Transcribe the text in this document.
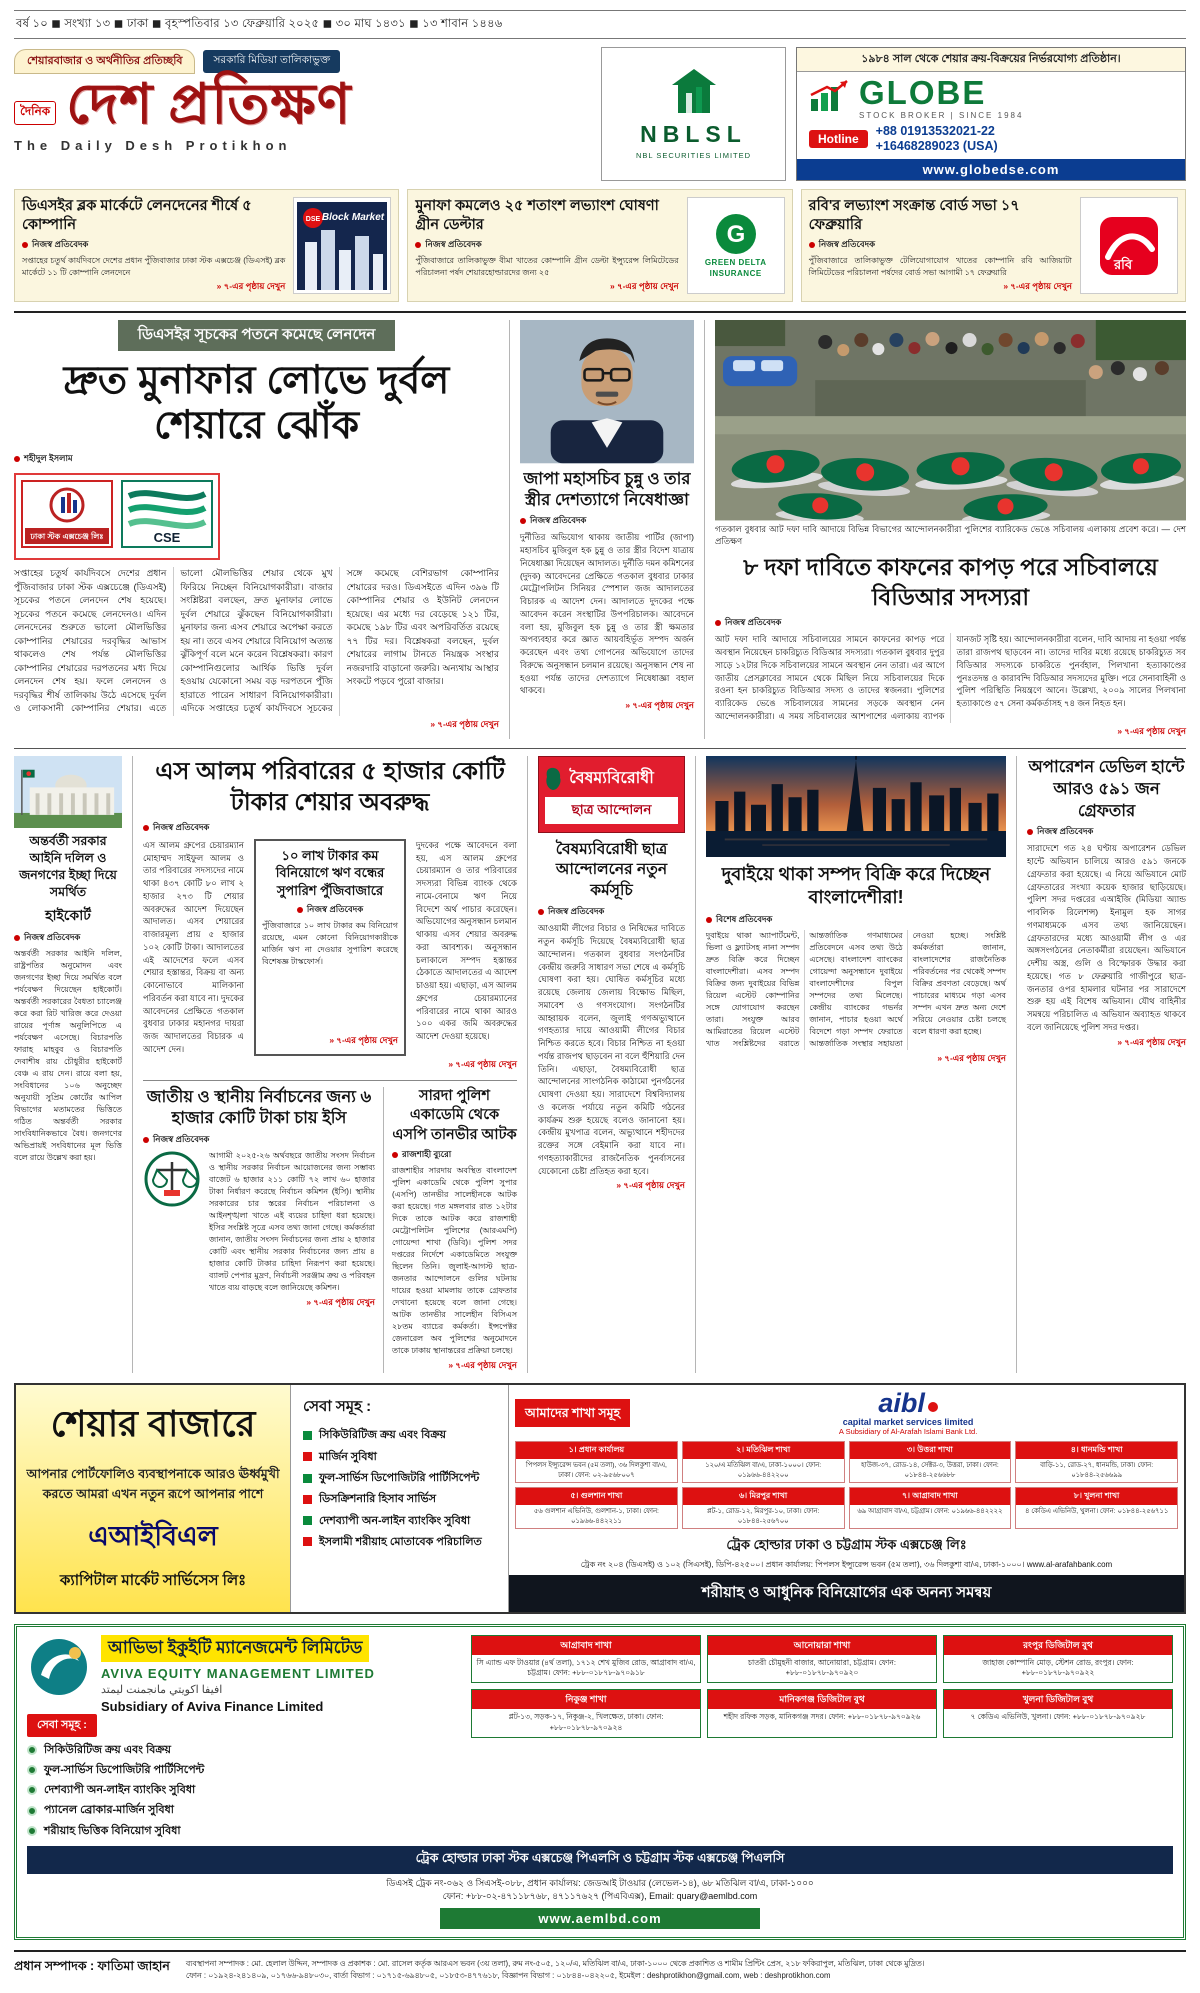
বর্ষ ১০ ◼ সংখ্যা ১৩ ◼ ঢাকা ◼ বৃহস্পতিবার ১৩ ফেব্রুয়ারি ২০২৫ ◼ ৩০ মাঘ ১৪৩১ ◼ ১৩ শাবান ১৪৪৬
শেয়ারবাজার ও অর্থনীতির প্রতিচ্ছবি	সরকারি মিডিয়া তালিকাভুক্ত
দৈনিক দেশ প্রতিক্ষণ
The Daily Desh Protikhon	NBLSL
NBL SECURITIES LIMITED
১৯৮৪ সাল থেকে শেয়ার ক্রয়-বিক্রয়ের নির্ভরযোগ্য প্রতিষ্ঠান।
GLOBE
STOCK BROKER | SINCE 1984
Hotline
+88 01913532021-22
+16468289023 (USA)
www.globedse.com
ডিএসইর ব্লক মার্কেটে লেনদেনের শীর্ষে ৫ কোম্পানি
নিজস্ব প্রতিবেদক
সপ্তাহের চতুর্থ কার্যদিবসে দেশের প্রধান পুঁজিবাজার ঢাকা স্টক এক্সচেঞ্জ (ডিএসই) ব্লক মার্কেটে ১১ টি কোম্পানি লেনদেনে
» ৭-এর পৃষ্ঠায় দেখুন
DSE Block Market
মুনাফা কমলেও ২৫ শতাংশ লভ্যাংশ ঘোষণা গ্রীন ডেল্টার
নিজস্ব প্রতিবেদক
পুঁজিবাজারে তালিকাভুক্ত বীমা খাতের কোম্পানি গ্রীন ডেল্টা ইন্স্যুরেন্স লিমিটেডের পরিচালনা পর্ষদ শেয়ারহোল্ডারদের জন্য ২৫
» ৭-এর পৃষ্ঠায় দেখুন
G
GREEN DELTA INSURANCE
রবি'র লভ্যাংশ সংক্রান্ত বোর্ড সভা ১৭ ফেব্রুয়ারি
নিজস্ব প্রতিবেদক
পুঁজিবাজারে তালিকাভুক্ত টেলিযোগাযোগ খাতের কোম্পানি রবি আজিয়াটা লিমিটেডের পরিচালনা পর্ষদের বোর্ড সভা আগামী ১৭ ফেব্রুয়ারি
» ৭-এর পৃষ্ঠায় দেখুন
রবি
ডিএসইর সূচকের পতনে কমেছে লেনদেন
দ্রুত মুনাফার লোভে দুর্বল শেয়ারে ঝোঁক
শহীদুল ইসলাম
ঢাকা স্টক এক্সচেঞ্জ লিঃ	CSE
সপ্তাহের চতুর্থ কার্যদিবসে দেশের প্রধান পুঁজিবাজার ঢাকা স্টক এক্সচেঞ্জে (ডিএসই) সূচকের পতনে লেনদেন শেষ হয়েছে। সূচকের পতনে কমেছে লেনদেনও। এদিন লেনদেনের শুরুতে ভালো মৌলভিত্তির কোম্পানির শেয়ারের দরবৃদ্ধির আভাস থাকলেও শেষ পর্যন্ত মৌলভিত্তির কোম্পানির শেয়ারের দরপতনের মধ্য দিয়ে লেনদেন শেষ হয়। ফলে লেনদেন ও দরবৃদ্ধির শীর্ষ তালিকায় উঠে এসেছে দুর্বল ও লোকসানী কোম্পানির শেয়ার। এতে ভালো মৌলভিত্তির শেয়ার থেকে মুখ ফিরিয়ে নিচ্ছেন বিনিয়োগকারীরা। বাজার সংশ্লিষ্টরা বলছেন, দ্রুত মুনাফার লোভে দুর্বল শেয়ারে ঝুঁকছেন বিনিয়োগকারীরা। মুনাফার জন্য এসব শেয়ারে অপেক্ষা করতে হয় না। তবে এসব শেয়ারে বিনিয়োগ অত্যন্ত ঝুঁকিপূর্ণ বলে মনে করেন বিশ্লেষকরা। কারণ কোম্পানিগুলোর আর্থিক ভিত্তি দুর্বল হওয়ায় যেকোনো সময় বড় দরপতনে পুঁজি হারাতে পারেন সাধারণ বিনিয়োগকারীরা। এদিকে সপ্তাহের চতুর্থ কার্যদিবসে সূচকের সঙ্গে কমেছে বেশিরভাগ কোম্পানির শেয়ারের দরও। ডিএসইতে এদিন ৩৯৬ টি কোম্পানির শেয়ার ও ইউনিট লেনদেন হয়েছে। এর মধ্যে দর বেড়েছে ১২১ টির, কমেছে ১৯৮ টির এবং অপরিবর্তিত রয়েছে ৭৭ টির দর। বিশ্লেষকরা বলছেন, দুর্বল শেয়ারের লাগাম টানতে নিয়ন্ত্রক সংস্থার নজরদারি বাড়ানো জরুরি। অন্যথায় আস্থার সংকটে পড়বে পুরো বাজার।
» ৭-এর পৃষ্ঠায় দেখুন
জাপা মহাসচিব চুন্নু ও তার স্ত্রীর দেশত্যাগে নিষেধাজ্ঞা
নিজস্ব প্রতিবেদক
দুর্নীতির অভিযোগ থাকায় জাতীয় পার্টির (জাপা) মহাসচিব মুজিবুল হক চুন্নু ও তার স্ত্রীর বিদেশ যাত্রায় নিষেধাজ্ঞা দিয়েছেন আদালত। দুর্নীতি দমন কমিশনের (দুদক) আবেদনের প্রেক্ষিতে গতকাল বুধবার ঢাকার মেট্রোপলিটন সিনিয়র স্পেশাল জজ আদালতের বিচারক এ আদেশ দেন। আদালতে দুদকের পক্ষে আবেদন করেন সংস্থাটির উপপরিচালক। আবেদনে বলা হয়, মুজিবুল হক চুন্নু ও তার স্ত্রী ক্ষমতার অপব্যবহার করে জ্ঞাত আয়বহির্ভূত সম্পদ অর্জন করেছেন এবং তথ্য গোপনের অভিযোগে তাদের বিরুদ্ধে অনুসন্ধান চলমান রয়েছে। অনুসন্ধান শেষ না হওয়া পর্যন্ত তাদের দেশত্যাগে নিষেধাজ্ঞা বহাল থাকবে।
» ৭-এর পৃষ্ঠায় দেখুন
গতকাল বুধবার আট দফা দাবি আদায়ে বিভিন্ন বিভাগের আন্দোলনকারীরা পুলিশের ব্যারিকেড ভেঙে সচিবালয় এলাকায় প্রবেশ করে। — দেশ প্রতিক্ষণ
৮ দফা দাবিতে কাফনের কাপড় পরে সচিবালয়ে বিডিআর সদস্যরা
নিজস্ব প্রতিবেদক
আট দফা দাবি আদায়ে সচিবালয়ের সামনে কাফনের কাপড় পরে অবস্থান নিয়েছেন চাকরিচ্যুত বিডিআর সদস্যরা। গতকাল বুধবার দুপুর সাড়ে ১২টার দিকে সচিবালয়ের সামনে অবস্থান নেন তারা। এর আগে জাতীয় প্রেসক্লাবের সামনে থেকে মিছিল নিয়ে সচিবালয়ের দিকে রওনা হন চাকরিচ্যুত বিডিআর সদস্য ও তাদের স্বজনরা। পুলিশের ব্যারিকেড ভেঙে সচিবালয়ের সামনের সড়কে অবস্থান নেন আন্দোলনকারীরা। এ সময় সচিবালয়ের আশপাশের এলাকায় ব্যাপক যানজট সৃষ্টি হয়। আন্দোলনকারীরা বলেন, দাবি আদায় না হওয়া পর্যন্ত তারা রাজপথ ছাড়বেন না। তাদের দাবির মধ্যে রয়েছে চাকরিচ্যুত সব বিডিআর সদস্যকে চাকরিতে পুনর্বহাল, পিলখানা হত্যাকাণ্ডের পুনঃতদন্ত ও কারাবন্দি বিডিআর সদস্যদের মুক্তি। পরে সেনাবাহিনী ও পুলিশ পরিস্থিতি নিয়ন্ত্রণে আনে। উল্লেখ্য, ২০০৯ সালের পিলখানা হত্যাকাণ্ডে ৫৭ সেনা কর্মকর্তাসহ ৭৪ জন নিহত হন।
» ৭-এর পৃষ্ঠায় দেখুন
অন্তর্বর্তী সরকার আইনি দলিল ও জনগণের ইচ্ছা দিয়ে সমর্থিত
হাইকোর্ট
নিজস্ব প্রতিবেদক
অন্তর্বর্তী সরকার আইনি দলিল, রাষ্ট্রপতির অনুমোদন এবং জনগণের ইচ্ছা দিয়ে সমর্থিত বলে পর্যবেক্ষণ দিয়েছেন হাইকোর্ট। অন্তর্বর্তী সরকারের বৈধতা চ্যালেঞ্জ করে করা রিট খারিজ করে দেওয়া রায়ের পূর্ণাঙ্গ অনুলিপিতে এ পর্যবেক্ষণ এসেছে। বিচারপতি ফারাহ মাহবুব ও বিচারপতি দেবাশীষ রায় চৌধুরীর হাইকোর্ট বেঞ্চ এ রায় দেন। রায়ে বলা হয়, সংবিধানের ১০৬ অনুচ্ছেদ অনুযায়ী সুপ্রিম কোর্টের আপিল বিভাগের মতামতের ভিত্তিতে গঠিত অন্তর্বর্তী সরকার সাংবিধানিকভাবে বৈধ। জনগণের অভিপ্রায়ই সংবিধানের মূল ভিত্তি বলে রায়ে উল্লেখ করা হয়।
এস আলম পরিবারের ৫ হাজার কোটি টাকার শেয়ার অবরুদ্ধ
নিজস্ব প্রতিবেদক
এস আলম গ্রুপের চেয়ারম্যান মোহাম্মদ সাইফুল আলম ও তার পরিবারের সদস্যদের নামে থাকা ৪৩৭ কোটি ৮০ লাখ ২ হাজার ২৭৩ টি শেয়ার অবরুদ্ধের আদেশ দিয়েছেন আদালত। এসব শেয়ারের বাজারমূল্য প্রায় ৫ হাজার ১০২ কোটি টাকা। আদালতের এই আদেশের ফলে এসব শেয়ার হস্তান্তর, বিক্রয় বা অন্য কোনোভাবে মালিকানা পরিবর্তন করা যাবে না। দুদকের আবেদনের প্রেক্ষিতে গতকাল বুধবার ঢাকার মহানগর দায়রা জজ আদালতের বিচারক এ আদেশ দেন।
১০ লাখ টাকার কম বিনিয়োগে ঋণ বন্ধের সুপারিশ পুঁজিবাজারে
নিজস্ব প্রতিবেদক
পুঁজিবাজারে ১০ লাখ টাকার কম বিনিয়োগ রয়েছে, এমন কোনো বিনিয়োগকারীকে মার্জিন ঋণ না দেওয়ার সুপারিশ করেছে বিশেষজ্ঞ টাস্কফোর্স।
» ৭-এর পৃষ্ঠায় দেখুন
দুদকের পক্ষে আবেদনে বলা হয়, এস আলম গ্রুপের চেয়ারম্যান ও তার পরিবারের সদস্যরা বিভিন্ন ব্যাংক থেকে নামে-বেনামে ঋণ নিয়ে বিদেশে অর্থ পাচার করেছেন। অভিযোগের অনুসন্ধান চলমান থাকায় এসব শেয়ার অবরুদ্ধ করা আবশ্যক। অনুসন্ধান চলাকালে সম্পদ হস্তান্তর ঠেকাতে আদালতের এ আদেশ চাওয়া হয়। এছাড়া, এস আলম গ্রুপের চেয়ারম্যানের পরিবারের নামে থাকা আরও ১০০ একর জমি অবরুদ্ধের আদেশ দেওয়া হয়েছে।
» ৭-এর পৃষ্ঠায় দেখুন
জাতীয় ও স্থানীয় নির্বাচনের জন্য ৬ হাজার কোটি টাকা চায় ইসি
নিজস্ব প্রতিবেদক
আগামী ২০২৫-২৬ অর্থবছরে জাতীয় সংসদ নির্বাচন ও স্থানীয় সরকার নির্বাচন আয়োজনের জন্য সম্ভাব্য বাজেট ৬ হাজার ২১১ কোটি ৭২ লাখ ৬০ হাজার টাকা নির্ধারণ করেছে নির্বাচন কমিশন (ইসি)। স্থানীয় সরকারের চার স্তরের নির্বাচন পরিচালনা ও আইনশৃঙ্খলা খাতে এই ব্যয়ের চাহিদা ধরা হয়েছে। ইসির সংশ্লিষ্ট সূত্রে এসব তথ্য জানা গেছে। কর্মকর্তারা জানান, জাতীয় সংসদ নির্বাচনের জন্য প্রায় ২ হাজার কোটি এবং স্থানীয় সরকার নির্বাচনের জন্য প্রায় ৪ হাজার কোটি টাকার চাহিদা নিরূপণ করা হয়েছে। ব্যালট পেপার মুদ্রণ, নির্বাচনী সরঞ্জাম ক্রয় ও পরিবহন খাতে ব্যয় বাড়ছে বলে জানিয়েছে কমিশন।
» ৭-এর পৃষ্ঠায় দেখুন
সারদা পুলিশ একাডেমি থেকে এসপি তানভীর আটক
রাজশাহী ব্যুরো
রাজশাহীর সারদায় অবস্থিত বাংলাদেশ পুলিশ একাডেমি থেকে পুলিশ সুপার (এসপি) তানভীর সালেহীনকে আটক করা হয়েছে। গত মঙ্গলবার রাত ১২টার দিকে তাকে আটক করে রাজশাহী মেট্রোপলিটন পুলিশের (আরএমপি) গোয়েন্দা শাখা (ডিবি)। পুলিশ সদর দপ্তরের নির্দেশে একাডেমিতে সংযুক্ত ছিলেন তিনি। জুলাই-আগস্ট ছাত্র-জনতার আন্দোলনে গুলির ঘটনায় দায়ের হওয়া মামলায় তাকে গ্রেফতার দেখানো হয়েছে বলে জানা গেছে। আটক তানভীর সালেহীন বিসিএস ২৮তম ব্যাচের কর্মকর্তা। ইন্সপেক্টর জেনারেল অব পুলিশের অনুমোদনে তাকে ঢাকায় স্থানান্তরের প্রক্রিয়া চলছে।
» ৭-এর পৃষ্ঠায় দেখুন
বৈষম্যবিরোধী
ছাত্র আন্দোলন
বৈষম্যবিরোধী ছাত্র আন্দোলনের নতুন কর্মসূচি
নিজস্ব প্রতিবেদক
আওয়ামী লীগের বিচার ও নিষিদ্ধের দাবিতে নতুন কর্মসূচি দিয়েছে বৈষম্যবিরোধী ছাত্র আন্দোলন। গতকাল বুধবার সংগঠনটির কেন্দ্রীয় জরুরি সাধারণ সভা শেষে এ কর্মসূচি ঘোষণা করা হয়। ঘোষিত কর্মসূচির মধ্যে রয়েছে জেলায় জেলায় বিক্ষোভ মিছিল, সমাবেশ ও গণসংযোগ। সংগঠনটির আহ্বায়ক বলেন, জুলাই গণঅভ্যুত্থানে গণহত্যার দায়ে আওয়ামী লীগের বিচার নিশ্চিত করতে হবে। বিচার নিশ্চিত না হওয়া পর্যন্ত রাজপথ ছাড়বেন না বলে হুঁশিয়ারি দেন তিনি। এছাড়া, বৈষম্যবিরোধী ছাত্র আন্দোলনের সাংগঠনিক কাঠামো পুনর্গঠনের ঘোষণা দেওয়া হয়। সারাদেশে বিশ্ববিদ্যালয় ও কলেজ পর্যায়ে নতুন কমিটি গঠনের কার্যক্রম শুরু হয়েছে বলেও জানানো হয়। কেন্দ্রীয় মুখপাত্র বলেন, অভ্যুত্থানে শহীদদের রক্তের সঙ্গে বেইমানি করা যাবে না। গণহত্যাকারীদের রাজনৈতিক পুনর্বাসনের যেকোনো চেষ্টা প্রতিহত করা হবে।
» ৭-এর পৃষ্ঠায় দেখুন
দুবাইয়ে থাকা সম্পদ বিক্রি করে দিচ্ছেন বাংলাদেশীরা!
বিশেষ প্রতিবেদক
দুবাইয়ে থাকা অ্যাপার্টমেন্ট, ভিলা ও ফ্ল্যাটসহ নানা সম্পদ দ্রুত বিক্রি করে দিচ্ছেন বাংলাদেশীরা। এসব সম্পদ বিক্রির জন্য দুবাইয়ের বিভিন্ন রিয়েল এস্টেট কোম্পানির সঙ্গে যোগাযোগ করছেন তারা। সংযুক্ত আরব আমিরাতের রিয়েল এস্টেট খাত সংশ্লিষ্টদের বরাতে আন্তর্জাতিক গণমাধ্যমের প্রতিবেদনে এসব তথ্য উঠে এসেছে। বাংলাদেশ ব্যাংকের গোয়েন্দা অনুসন্ধানে দুবাইয়ে বাংলাদেশীদের বিপুল সম্পদের তথ্য মিলেছে। কেন্দ্রীয় ব্যাংকের গভর্নর জানান, পাচার হওয়া অর্থে বিদেশে গড়া সম্পদ ফেরাতে আন্তর্জাতিক সংস্থার সহায়তা নেওয়া হচ্ছে। সংশ্লিষ্ট কর্মকর্তারা জানান, বাংলাদেশের রাজনৈতিক পরিবর্তনের পর থেকেই সম্পদ বিক্রির প্রবণতা বেড়েছে। অর্থ পাচারের মাধ্যমে গড়া এসব সম্পদ এখন দ্রুত অন্য দেশে সরিয়ে নেওয়ার চেষ্টা চলছে বলে ধারণা করা হচ্ছে।
» ৭-এর পৃষ্ঠায় দেখুন
অপারেশন ডেভিল হান্টে আরও ৫৯১ জন গ্রেফতার
নিজস্ব প্রতিবেদক
সারাদেশে গত ২৪ ঘণ্টায় অপারেশন ডেভিল হান্টে অভিযান চালিয়ে আরও ৫৯১ জনকে গ্রেফতার করা হয়েছে। এ নিয়ে অভিযানে মোট গ্রেফতারের সংখ্যা কয়েক হাজার ছাড়িয়েছে। পুলিশ সদর দপ্তরের এআইজি (মিডিয়া অ্যান্ড পাবলিক রিলেশন্স) ইনামুল হক সাগর গণমাধ্যমকে এসব তথ্য জানিয়েছেন। গ্রেফতারদের মধ্যে আওয়ামী লীগ ও এর অঙ্গসংগঠনের নেতাকর্মীরা রয়েছেন। অভিযানে দেশীয় অস্ত্র, গুলি ও বিস্ফোরক উদ্ধার করা হয়েছে। গত ৮ ফেব্রুয়ারি গাজীপুরে ছাত্র-জনতার ওপর হামলার ঘটনার পর সারাদেশে শুরু হয় এই বিশেষ অভিযান। যৌথ বাহিনীর সমন্বয়ে পরিচালিত এ অভিযান অব্যাহত থাকবে বলে জানিয়েছে পুলিশ সদর দপ্তর।
» ৭-এর পৃষ্ঠায় দেখুন
শেয়ার বাজারে
আপনার পোর্টফোলিও ব্যবস্থাপনাকে আরও ঊর্ধ্বমুখী করতে আমরা এখন নতুন রূপে আপনার পাশে
এআইবিএল
ক্যাপিটাল মার্কেট সার্ভিসেস লিঃ
সেবা সমূহ :
সিকিউরিটিজ ক্রয় এবং বিক্রয়
মার্জিন সুবিধা
ফুল-সার্ভিস ডিপোজিটরি পার্টিসিপেন্ট
ডিসক্রিশনারি হিসাব সার্ভিস
দেশব্যাপী অন-লাইন ব্যাংকিং সুবিধা
ইসলামী শরীয়াহ মোতাবেক পরিচালিত
আমাদের শাখা সমূহ	aibl
capital market services limited
A Subsidiary of Al-Arafah Islami Bank Ltd.
১। প্রধান কার্যালয়
পিপলস ইন্স্যুরেন্স ভবন (৫ম তলা), ৩৬ দিলকুশা বা/এ, ঢাকা। ফোন: ০২-৯৫৬৮০০৭
২। মতিঝিল শাখা
১২০/এ মতিঝিল বা/এ, ঢাকা-১০০০। ফোন: ০১৯৬৬-৪৪২২০০
৩। উত্তরা শাখা
হাউজ-৩৭, রোড-১৪, সেক্টর-৩, উত্তরা, ঢাকা। ফোন: ০১৮৪৪-২৫৬৬৮৮
৪। ধানমন্ডি শাখা
বাড়ি-১১, রোড-২৭, ধানমন্ডি, ঢাকা। ফোন: ০১৮৪৪-২৫৬৬৯৯
৫। গুলশান শাখা
৫৬ গুলশান এভিনিউ, গুলশান-১, ঢাকা। ফোন: ০১৯৬৬-৪৪২২১১
৬। মিরপুর শাখা
প্লট-১, রোড-১২, মিরপুর-১০, ঢাকা। ফোন: ০১৮৪৪-২৫৬৭০০
৭। আগ্রাবাদ শাখা
৬৯ আগ্রাবাদ বা/এ, চট্টগ্রাম। ফোন: ০১৯৬৬-৪৪২২২২
৮। খুলনা শাখা
৪ কেডিএ এভিনিউ, খুলনা। ফোন: ০১৮৪৪-২৫৬৭১১
ট্রেক হোল্ডার ঢাকা ও চট্টগ্রাম স্টক এক্সচেঞ্জ লিঃ
ট্রেক নং ২০৪ (ডিএসই) ও ১০২ (সিএসই), ডিপি-৪২৫০০। প্রধান কার্যালয়: পিপলস ইন্স্যুরেন্স ভবন (৫ম তলা), ৩৬ দিলকুশা বা/এ, ঢাকা-১০০০। www.al-arafahbank.com
শরীয়াহ ও আধুনিক বিনিয়োগের এক অনন্য সমন্বয়
আভিভা ইকুইটি ম্যানেজমেন্ট লিমিটেড
AVIVA EQUITY MANAGEMENT LIMITED
افيفا اكويتي مانجمنت ليمتد
Subsidiary of Aviva Finance Limited
সেবা সমূহ :
সিকিউরিটিজ ক্রয় এবং বিক্রয়
ফুল-সার্ভিস ডিপোজিটরি পার্টিসিপেন্ট
দেশব্যাপী অন-লাইন ব্যাংকিং সুবিধা
প্যানেল ব্রোকার-মার্জিন সুবিধা
শরীয়াহ ভিত্তিক বিনিয়োগ সুবিধা
আগ্রাবাদ শাখা
সি এ্যান্ড এফ টাওয়ার (৪র্থ তলা), ১৭১২ শেখ মুজিব রোড, আগ্রাবাদ বা/এ, চট্টগ্রাম। ফোন: +৮৮-০১৮৭৮-৯৭০৯১৮
আনোয়ারা শাখা
চাতরী চৌমুহনী বাজার, আনোয়ারা, চট্টগ্রাম। ফোন: +৮৮-০১৮৭৮-৯৭০৯২০
রংপুর ডিজিটাল বুথ
জাহাজ কোম্পানি মোড়, স্টেশন রোড, রংপুর। ফোন: +৮৮-০১৮৭৮-৯৭০৯২২
নিকুঞ্জ শাখা
প্লট-১৩, সড়ক-১৭, নিকুঞ্জ-২, খিলক্ষেত, ঢাকা। ফোন: +৮৮-০১৮৭৮-৯৭০৯২৪
মানিকগঞ্জ ডিজিটাল বুথ
শহীদ রফিক সড়ক, মানিকগঞ্জ সদর। ফোন: +৮৮-০১৮৭৮-৯৭০৯২৬
খুলনা ডিজিটাল বুথ
৭ কেডিএ এভিনিউ, খুলনা। ফোন: +৮৮-০১৮৭৮-৯৭০৯২৮
ট্রেক হোল্ডার ঢাকা স্টক এক্সচেঞ্জ পিএলসি ও চট্টগ্রাম স্টক এক্সচেঞ্জ পিএলসি
ডিএসই ট্রেক নং-০৬২ ও সিএসই-০৮৮, প্রধান কার্যালয়: জেডআই টাওয়ার (লেভেল-১৪), ৬৮ মতিঝিল বা/এ, ঢাকা-১০০০
ফোন: +৮৮-০২-৪৭১১৮৭৬৮, ৪৭১১৭৬২৭ (পিএবিএক্স), Email: quary@aemlbd.com
www.aemlbd.com
প্রধান সম্পাদক : ফাতিমা জাহান ব্যবস্থাপনা সম্পাদক : মো. হেলাল উদ্দিন, সম্পাদক ও প্রকাশক : মো. রাসেল কর্তৃক আরএস ভবন (৩য় তলা), রুম নং-৫০৫, ১২০/এ, মতিঝিল বা/এ, ঢাকা-১০০০ থেকে প্রকাশিত ও শামীম প্রিন্টিং প্রেস, ২১৮ ফকিরাপুল, মতিঝিল, ঢাকা থেকে মুদ্রিত।
ফোন : ০১৯২৪-২৪১৪০৯, ০১৭৬৬-৯৪৮০৩০, বার্তা বিভাগ : ০১৭১৫-৬৯৪৮০৫, ০১৮৫৩-৪৭৭৬১৮, বিজ্ঞাপন বিভাগ : ০১৮৪৪-০৪২২০৫, ইমেইল : deshprotikhon@gmail.com, web : deshprotikhon.com
